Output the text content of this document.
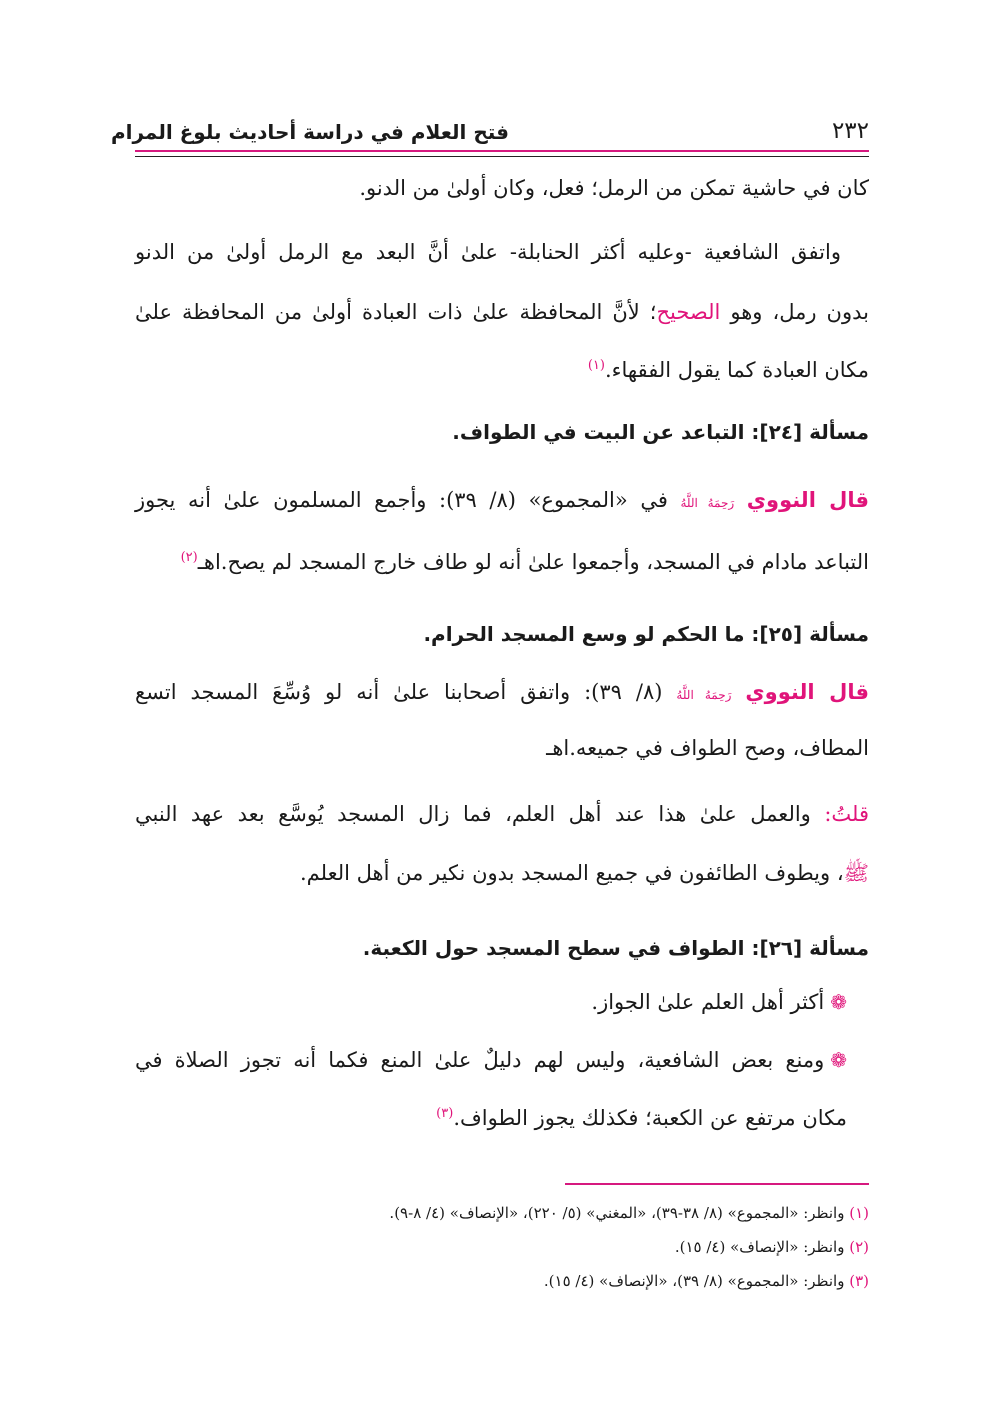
٢٣٢
فتح العلام في دراسة أحاديث بلوغ المرام
كان في حاشية تمكن من الرمل؛ فعل، وكان أولىٰ من الدنو.
واتفق الشافعية -وعليه أكثر الحنابلة- علىٰ أنَّ البعد مع الرمل أولىٰ من الدنو
بدون رمل، وهو الصحيح؛ لأنَّ المحافظة علىٰ ذات العبادة أولىٰ من المحافظة علىٰ
مكان العبادة كما يقول الفقهاء.$^{(١)}$
مسألة [٢٤]: التباعد عن البيت في الطواف.
قال النووي رَحِمَهُ اللَّهُ في «المجموع» (٨/ ٣٩): وأجمع المسلمون علىٰ أنه يجوز
التباعد مادام في المسجد، وأجمعوا علىٰ أنه لو طاف خارج المسجد لم يصح.اهـ$^{(٢)}$
مسألة [٢٥]: ما الحكم لو وسع المسجد الحرام.
قال النووي رَحِمَهُ اللَّهُ (٨/ ٣٩): واتفق أصحابنا علىٰ أنه لو وُسِّعَ المسجد اتسع
المطاف، وصح الطواف في جميعه.اهـ
قلتُ: والعمل علىٰ هذا عند أهل العلم، فما زال المسجد يُوسَّع بعد عهد النبي
ﷺ، ويطوف الطائفون في جميع المسجد بدون نكير من أهل العلم.
مسألة [٢٦]: الطواف في سطح المسجد حول الكعبة.
❁أكثر أهل العلم علىٰ الجواز.
❁ومنع بعض الشافعية، وليس لهم دليلٌ علىٰ المنع فكما أنه تجوز الصلاة في
مكان مرتفع عن الكعبة؛ فكذلك يجوز الطواف.$^{(٣)}$
(١) وانظر: «المجموع» (٨/ ٣٨-٣٩)، «المغني» (٥/ ٢٢٠)، «الإنصاف» (٤/ ٨-٩).
(٢) وانظر: «الإنصاف» (٤/ ١٥).
(٣) وانظر: «المجموع» (٨/ ٣٩)، «الإنصاف» (٤/ ١٥).
